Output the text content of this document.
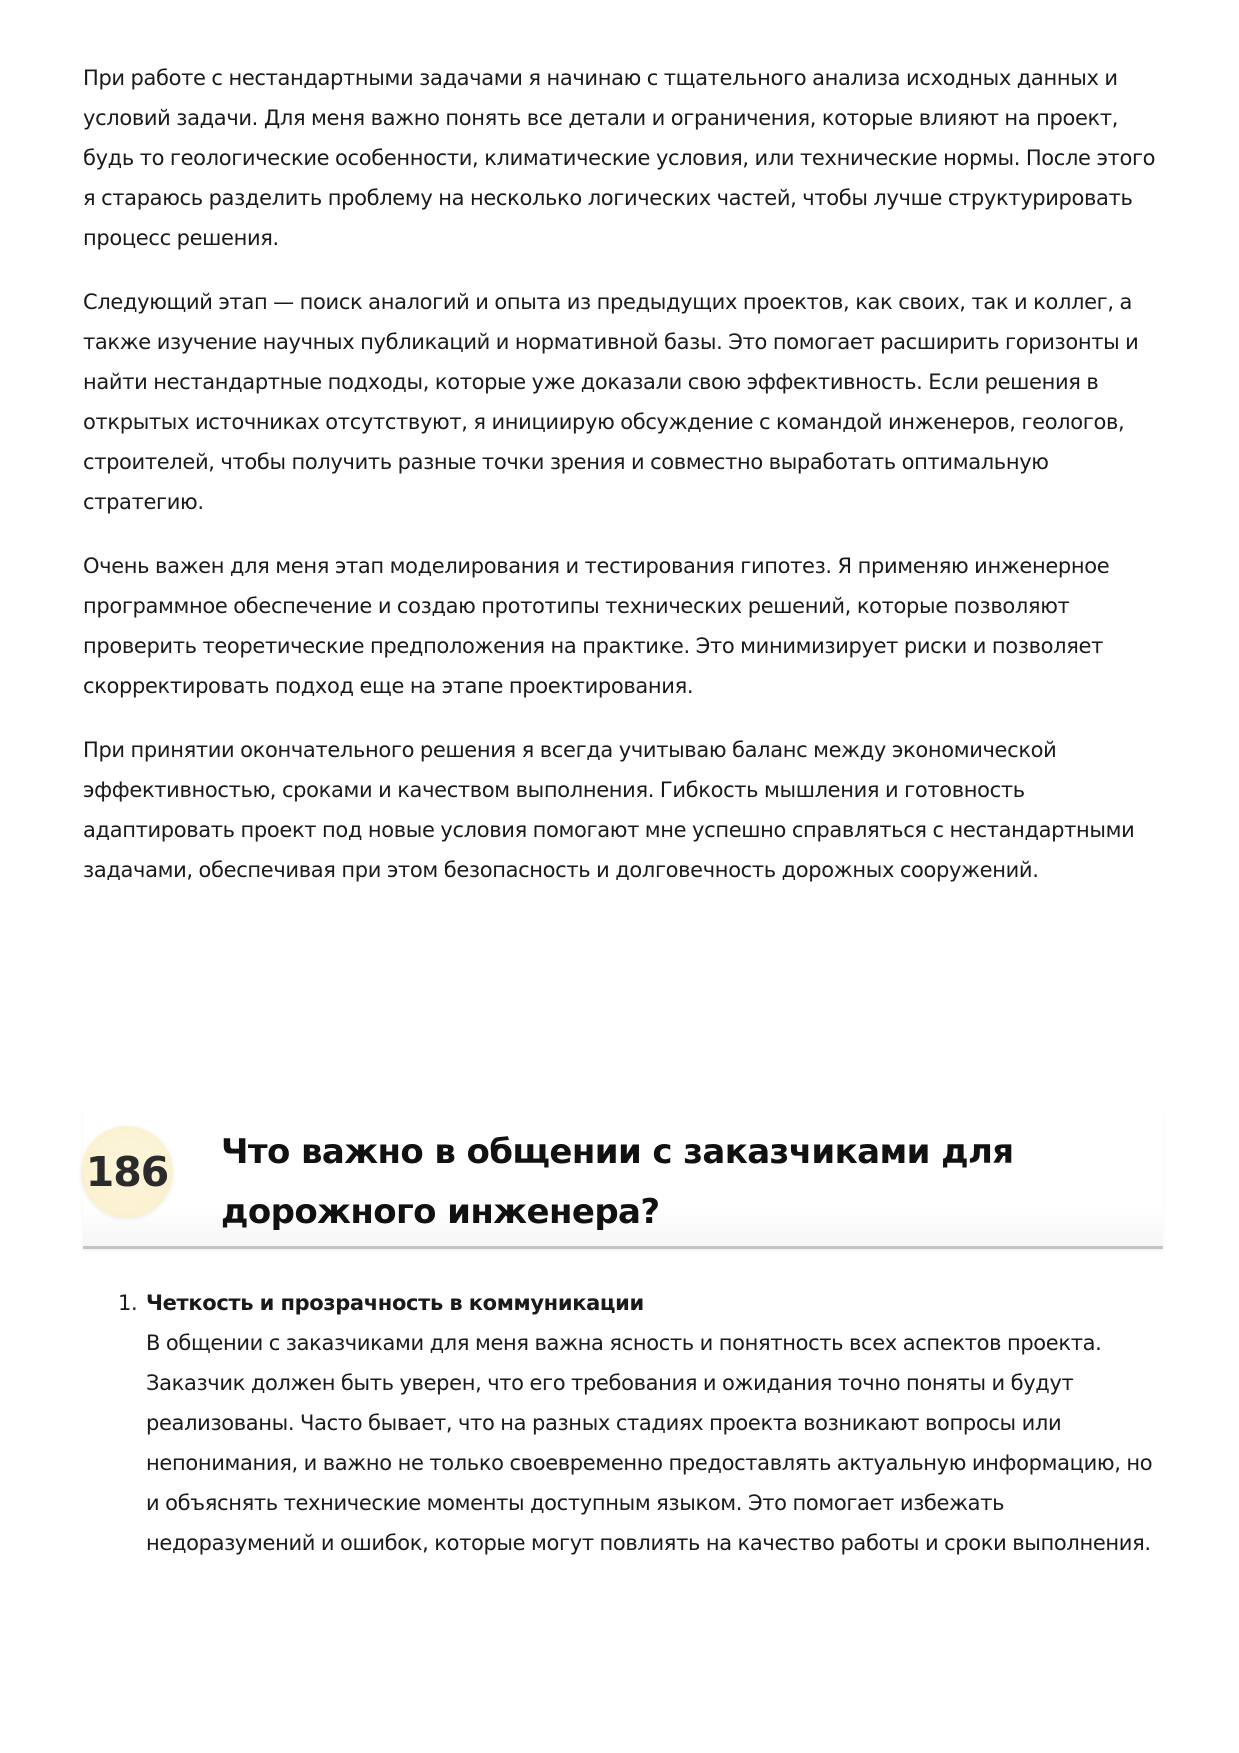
При работе с нестандартными задачами я начинаю с тщательного анализа исходных данных и условий задачи. Для меня важно понять все детали и ограничения, которые влияют на проект, будь то геологические особенности, климатические условия, или технические нормы. После этого я стараюсь разделить проблему на несколько логических частей, чтобы лучше структурировать процесс решения.

Следующий этап — поиск аналогий и опыта из предыдущих проектов, как своих, так и коллег, а также изучение научных публикаций и нормативной базы. Это помогает расширить горизонты и найти нестандартные подходы, которые уже доказали свою эффективность. Если решения в открытых источниках отсутствуют, я инициирую обсуждение с командой инженеров, геологов, строителей, чтобы получить разные точки зрения и совместно выработать оптимальную стратегию.

Очень важен для меня этап моделирования и тестирования гипотез. Я применяю инженерное программное обеспечение и создаю прототипы технических решений, которые позволяют проверить теоретические предположения на практике. Это минимизирует риски и позволяет скорректировать подход еще на этапе проектирования.

При принятии окончательного решения я всегда учитываю баланс между экономической эффективностью, сроками и качеством выполнения. Гибкость мышления и готовность адаптировать проект под новые условия помогают мне успешно справляться с нестандартными задачами, обеспечивая при этом безопасность и долговечность дорожных сооружений.

186 Что важно в общении с заказчиками для дорожного инженера?
1. Четкость и прозрачность в коммуникации
В общении с заказчиками для меня важна ясность и понятность всех аспектов проекта. Заказчик должен быть уверен, что его требования и ожидания точно поняты и будут реализованы. Часто бывает, что на разных стадиях проекта возникают вопросы или непонимания, и важно не только своевременно предоставлять актуальную информацию, но и объяснять технические моменты доступным языком. Это помогает избежать недоразумений и ошибок, которые могут повлиять на качество работы и сроки выполнения.
